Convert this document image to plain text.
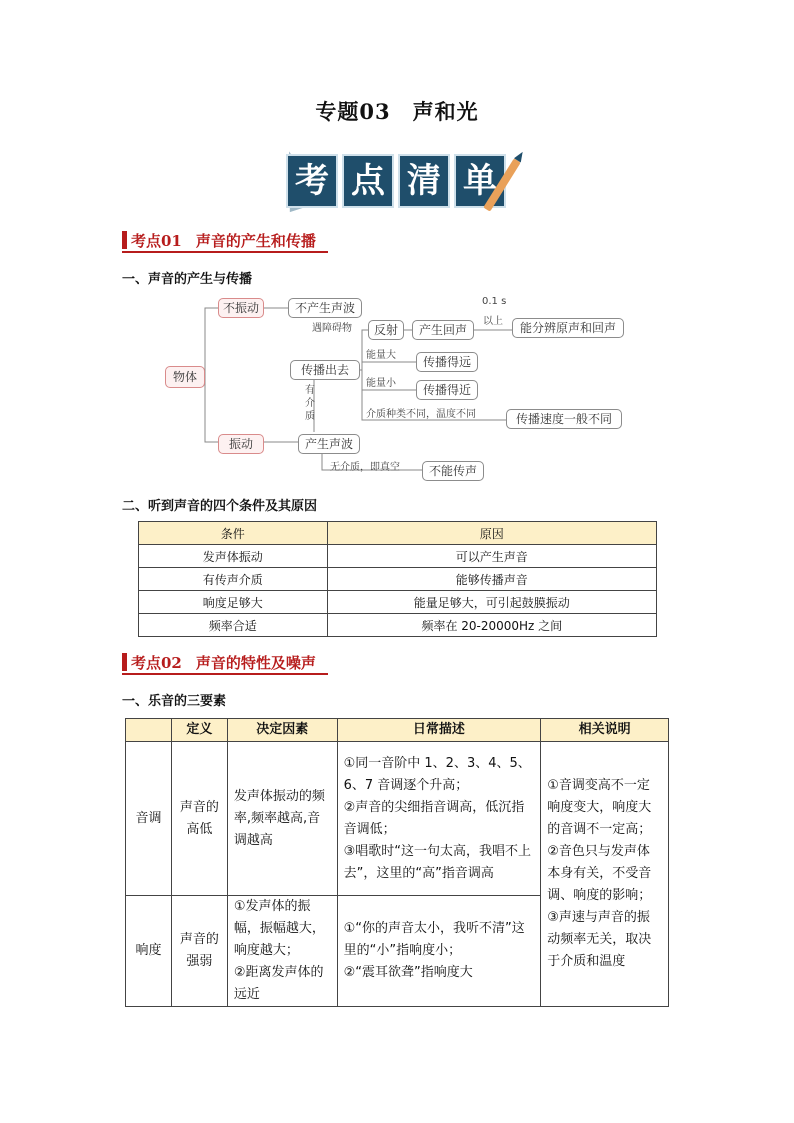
专题03 声和光
考 点 清 单
考点01 声音的产生和传播
一、声音的产生与传播
物体
不振动	不产生声波
遇障碍物	反射	产生回声
0.1 s
以上	能分辨原声和回声
传播出去
能量大	传播得远
能量小	传播得近
有介质	介质种类不同，温度不同	传播速度一般不同
振动	产生声波
无介质，即真空	不能传声
二、听到声音的四个条件及其原因
条件	原因
发声体振动	可以产生声音
有传声介质	能够传播声音
响度足够大	能量足够大，可引起鼓膜振动
频率合适	频率在 20-20000Hz 之间
考点02 声音的特性及噪声
一、乐音的三要素
	定义	决定因素	日常描述	相关说明
音调	声音的高低	发声体振动的频率,频率越高,音调越高	①同一音阶中 1、2、3、4、5、6、7 音调逐个升高；
②声音的尖细指音调高，低沉指音调低；
③唱歌时“这一句太高，我唱不上去”，这里的“高”指音调高	①音调变高不一定响度变大，响度大的音调不一定高；
②音色只与发声体本身有关，不受音调、响度的影响；
③声速与声音的振动频率无关，取决于介质和温度

响度	声音的强弱	①发声体的振幅，振幅越大，响度越大；
②距离发声体的远近	①“你的声音太小，我听不清”这里的“小”指响度小；
②“震耳欲聋”指响度大	
